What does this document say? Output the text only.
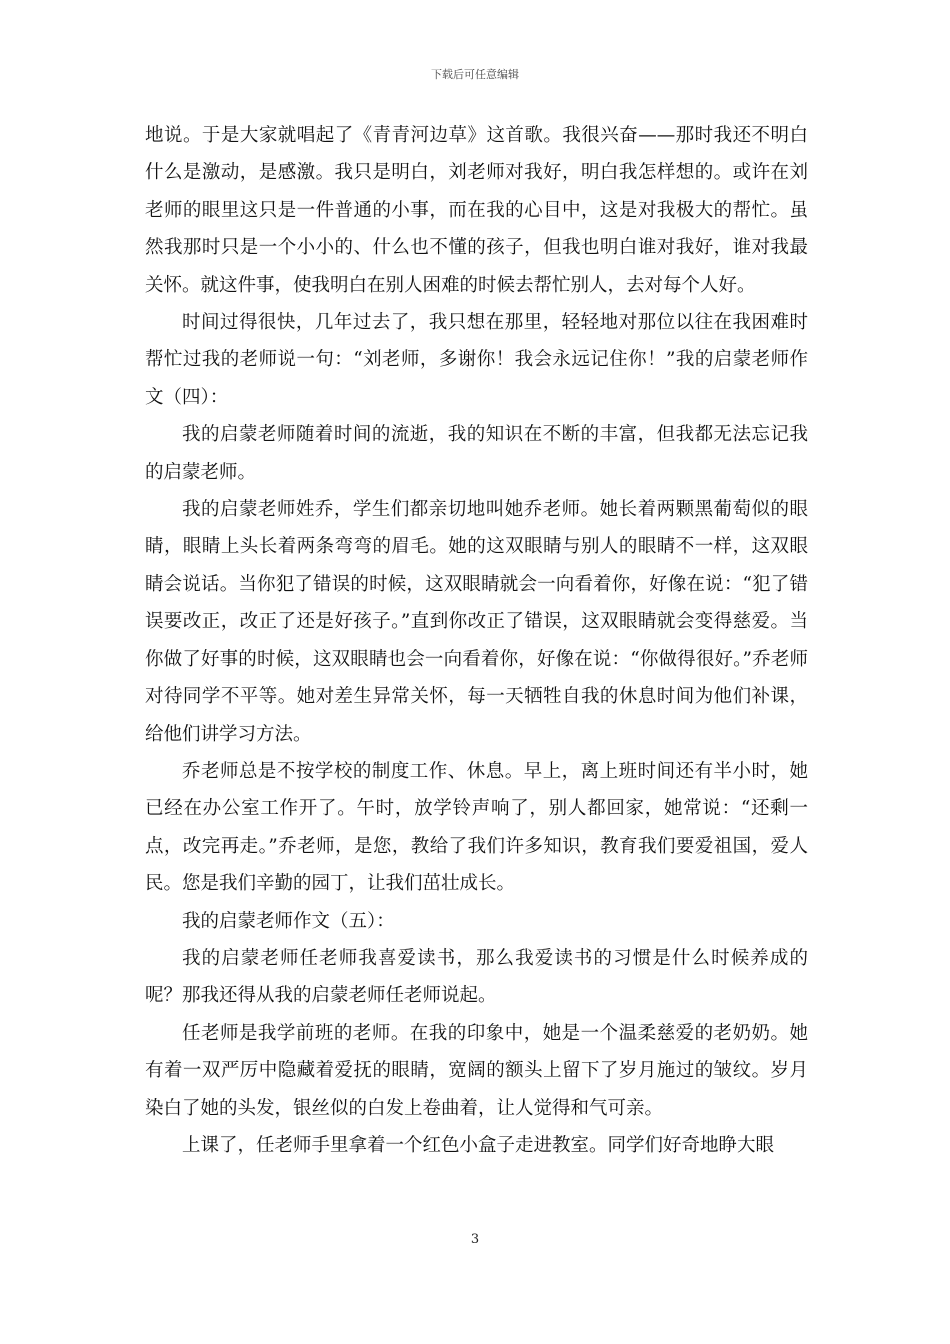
下载后可任意编辑

地说。于是大家就唱起了《青青河边草》这首歌。我很兴奋——那时我还不明白什么是激动，是感激。我只是明白，刘老师对我好，明白我怎样想的。或许在刘老师的眼里这只是一件普通的小事，而在我的心目中，这是对我极大的帮忙。虽然我那时只是一个小小的、什么也不懂的孩子，但我也明白谁对我好，谁对我最关怀。就这件事，使我明白在别人困难的时候去帮忙别人，去对每个人好。

时间过得很快，几年过去了，我只想在那里，轻轻地对那位以往在我困难时帮忙过我的老师说一句：“刘老师，多谢你！我会永远记住你！”我的启蒙老师作文（四）：

我的启蒙老师随着时间的流逝，我的知识在不断的丰富，但我都无法忘记我的启蒙老师。

我的启蒙老师姓乔，学生们都亲切地叫她乔老师。她长着两颗黑葡萄似的眼睛，眼睛上头长着两条弯弯的眉毛。她的这双眼睛与别人的眼睛不一样，这双眼睛会说话。当你犯了错误的时候，这双眼睛就会一向看着你，好像在说：“犯了错误要改正，改正了还是好孩子。”直到你改正了错误，这双眼睛就会变得慈爱。当你做了好事的时候，这双眼睛也会一向看着你，好像在说：“你做得很好。”乔老师对待同学不平等。她对差生异常关怀，每一天牺牲自我的休息时间为他们补课，给他们讲学习方法。

乔老师总是不按学校的制度工作、休息。早上，离上班时间还有半小时，她已经在办公室工作开了。午时，放学铃声响了，别人都回家，她常说：“还剩一点，改完再走。”乔老师，是您，教给了我们许多知识，教育我们要爱祖国，爱人民。您是我们辛勤的园丁，让我们茁壮成长。

我的启蒙老师作文（五）：

我的启蒙老师任老师我喜爱读书，那么我爱读书的习惯是什么时候养成的呢？那我还得从我的启蒙老师任老师说起。

任老师是我学前班的老师。在我的印象中，她是一个温柔慈爱的老奶奶。她有着一双严厉中隐藏着爱抚的眼睛，宽阔的额头上留下了岁月施过的皱纹。岁月染白了她的头发，银丝似的白发上卷曲着，让人觉得和气可亲。

上课了，任老师手里拿着一个红色小盒子走进教室。同学们好奇地睁大眼

3
